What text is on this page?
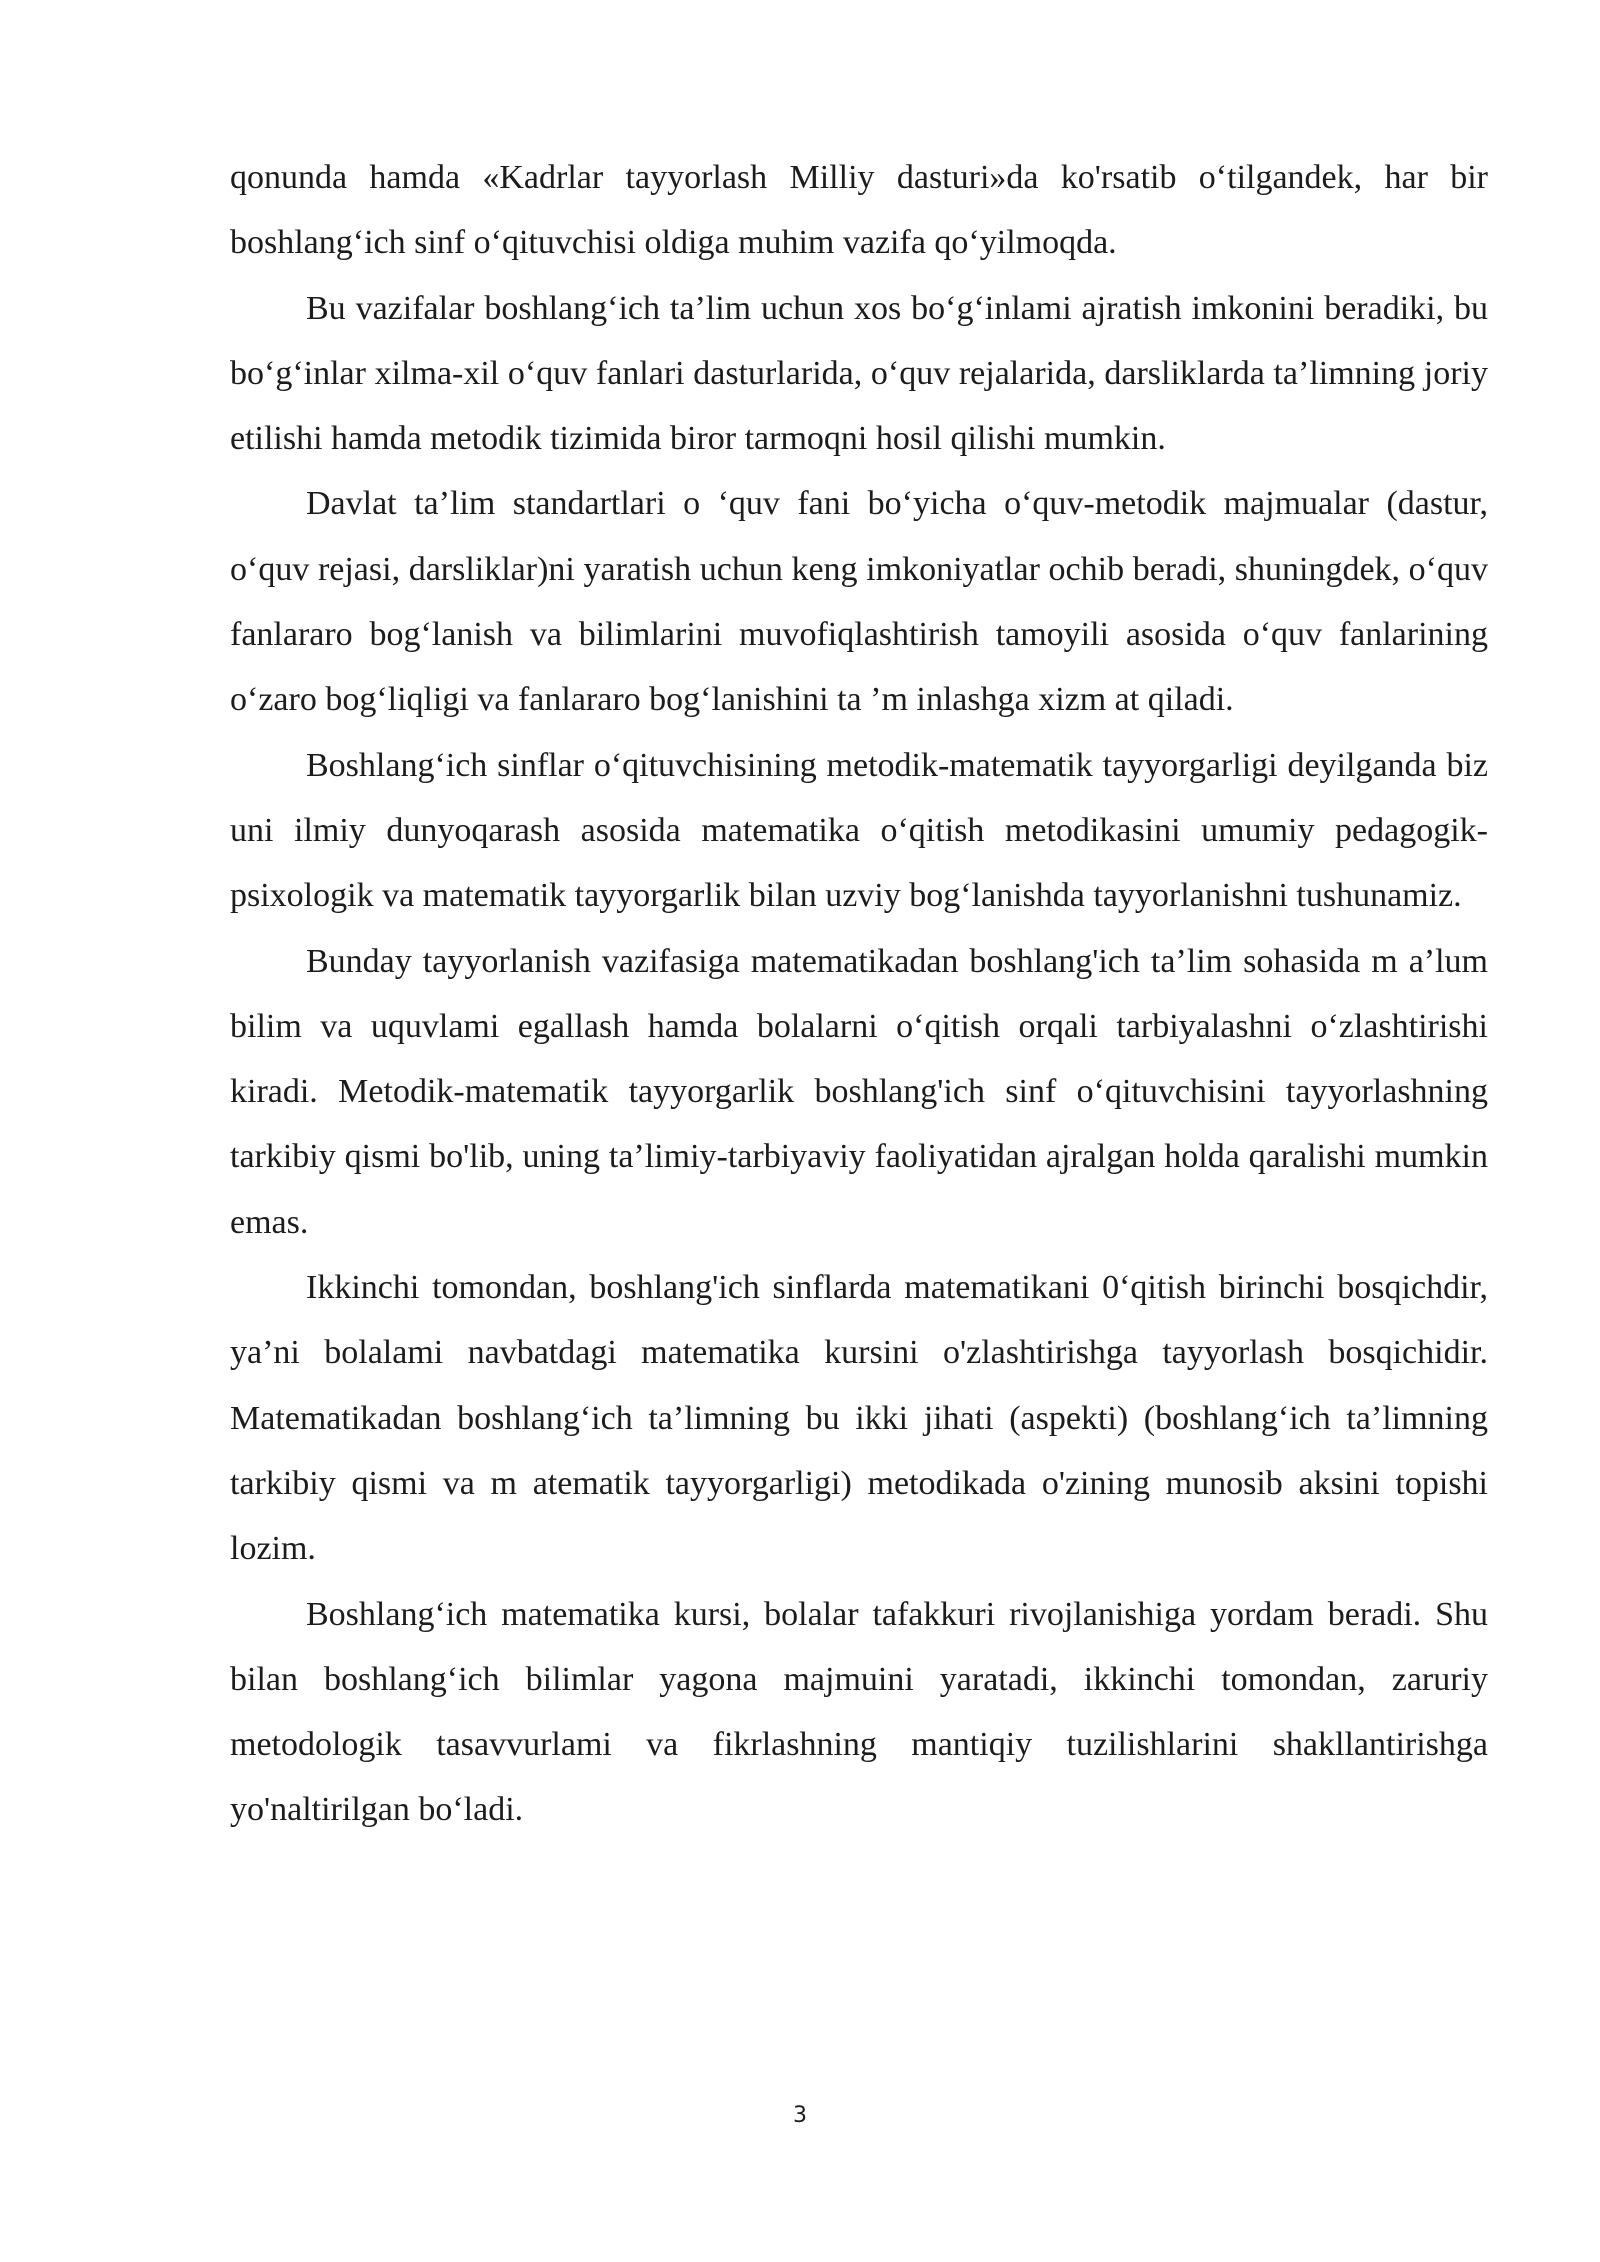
qonunda hamda «Kadrlar tayyorlash Milliy dasturi»da ko'rsatib o‘tilgandek, har bir boshlang‘ich sinf o‘qituvchisi oldiga muhim vazifa qo‘yilmoqda.

Bu vazifalar boshlang‘ich ta’lim uchun xos bo‘g‘inlami ajratish imkonini beradiki, bu bo‘g‘inlar xilma-xil o‘quv fanlari dasturlarida, o‘quv rejalarida, darsliklarda ta’limning joriy etilishi hamda metodik tizimida biror tarmoqni hosil qilishi mumkin.

Davlat ta’lim standartlari o ‘quv fani bo‘yicha o‘quv-metodik majmualar (dastur, o‘quv rejasi, darsliklar)ni yaratish uchun keng imkoniyatlar ochib beradi, shuningdek, o‘quv fanlararo bog‘lanish va bilimlarini muvofiqlashtirish tamoyili asosida o‘quv fanlarining o‘zaro bog‘liqligi va fanlararo bog‘lanishini ta ’m inlashga xizm at qiladi.

Boshlang‘ich sinflar o‘qituvchisining metodik-matematik tayyorgarligi deyilganda biz uni ilmiy dunyoqarash asosida matematika o‘qitish metodikasini umumiy pedagogik-psixologik va matematik tayyorgarlik bilan uzviy bog‘lanishda tayyorlanishni tushunamiz.

Bunday tayyorlanish vazifasiga matematikadan boshlang'ich ta’lim sohasida m a’lum bilim va uquvlami egallash hamda bolalarni o‘qitish orqali tarbiyalashni o‘zlashtirishi kiradi. Metodik-matematik tayyorgarlik boshlang'ich sinf o‘qituvchisini tayyorlashning tarkibiy qismi bo'lib, uning ta’limiy-tarbiyaviy faoliyatidan ajralgan holda qaralishi mumkin emas.

Ikkinchi tomondan, boshlang'ich sinflarda matematikani 0‘qitish birinchi bosqichdir, ya’ni bolalami navbatdagi matematika kursini o'zlashtirishga tayyorlash bosqichidir. Matematikadan boshlang‘ich ta’limning bu ikki jihati (aspekti) (boshlang‘ich ta’limning tarkibiy qismi va m atematik tayyorgarligi) metodikada o'zining munosib aksini topishi lozim.

Boshlang‘ich matematika kursi, bolalar tafakkuri rivojlanishiga yordam beradi. Shu bilan boshlang‘ich bilimlar yagona majmuini yaratadi, ikkinchi tomondan, zaruriy metodologik tasavvurlami va fikrlashning mantiqiy tuzilishlarini shakllantirishga yo'naltirilgan bo‘ladi.

3
